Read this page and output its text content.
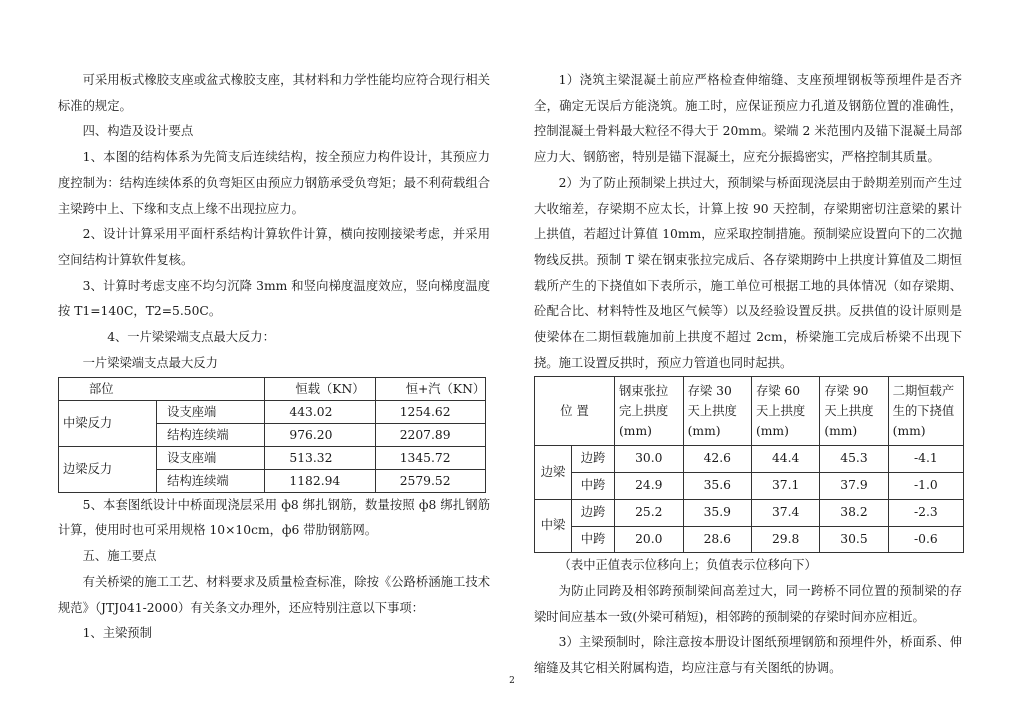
可采用板式橡胶支座或盆式橡胶支座，其材料和力学性能均应符合现行相关标准的规定。

四、构造及设计要点

1、本图的结构体系为先简支后连续结构，按全预应力构件设计，其预应力度控制为：结构连续体系的负弯矩区由预应力钢筋承受负弯矩；最不利荷载组合主梁跨中上、下缘和支点上缘不出现拉应力。

2、设计计算采用平面杆系结构计算软件计算，横向按刚接梁考虑，并采用空间结构计算软件复核。

3、计算时考虑支座不均匀沉降 3mm 和竖向梯度温度效应，竖向梯度温度按 T1=140C，T2=5.50C。

4、一片梁梁端支点最大反力：

一片梁梁端支点最大反力

部位		恒载（KN）	恒+汽（KN）
中梁反力	设支座端	443.02	1254.62
	结构连续端	976.20	2207.89
边梁反力	设支座端	513.32	1345.72
	结构连续端	1182.94	2579.52

5、本套图纸设计中桥面现浇层采用 ф8 绑扎钢筋，数量按照 ф8 绑扎钢筋计算，使用时也可采用规格 10×10cm，ф6 带肋钢筋网。

五、施工要点

有关桥梁的施工工艺、材料要求及质量检查标准，除按《公路桥涵施工技术规范》（JTJ041-2000）有关条文办理外，还应特别注意以下事项：

1、主梁预制

1）浇筑主梁混凝土前应严格检查伸缩缝、支座预埋钢板等预埋件是否齐全，确定无误后方能浇筑。施工时，应保证预应力孔道及钢筋位置的准确性，控制混凝土骨料最大粒径不得大于 20mm。梁端 2 米范围内及锚下混凝土局部应力大、钢筋密，特别是锚下混凝土，应充分振捣密实，严格控制其质量。

2）为了防止预制梁上拱过大，预制梁与桥面现浇层由于龄期差别而产生过大收缩差，存梁期不应太长，计算上按 90 天控制，存梁期密切注意梁的累计上拱值，若超过计算值 10mm，应采取控制措施。预制梁应设置向下的二次抛物线反拱。预制 T 梁在钢束张拉完成后、各存梁期跨中上拱度计算值及二期恒载所产生的下挠值如下表所示，施工单位可根据工地的具体情况（如存梁期、砼配合比、材料特性及地区气候等）以及经验设置反拱。反拱值的设计原则是使梁体在二期恒载施加前上拱度不超过 2cm，桥梁施工完成后桥梁不出现下挠。施工设置反拱时，预应力管道也同时起拱。

位 置		钢束张拉完上拱度(mm)	存梁 30 天上拱度(mm)	存梁 60 天上拱度(mm)	存梁 90 天上拱度(mm)	二期恒载产生的下挠值(mm)
边梁	边跨	30.0	42.6	44.4	45.3	-4.1
	中跨	24.9	35.6	37.1	37.9	-1.0
中梁	边跨	25.2	35.9	37.4	38.2	-2.3
	中跨	20.0	28.6	29.8	30.5	-0.6

（表中正值表示位移向上；负值表示位移向下）

为防止同跨及相邻跨预制梁间高差过大，同一跨桥不同位置的预制梁的存梁时间应基本一致(外梁可稍短)，相邻跨的预制梁的存梁时间亦应相近。

3）主梁预制时，除注意按本册设计图纸预埋钢筋和预埋件外，桥面系、伸缩缝及其它相关附属构造，均应注意与有关图纸的协调。

2
